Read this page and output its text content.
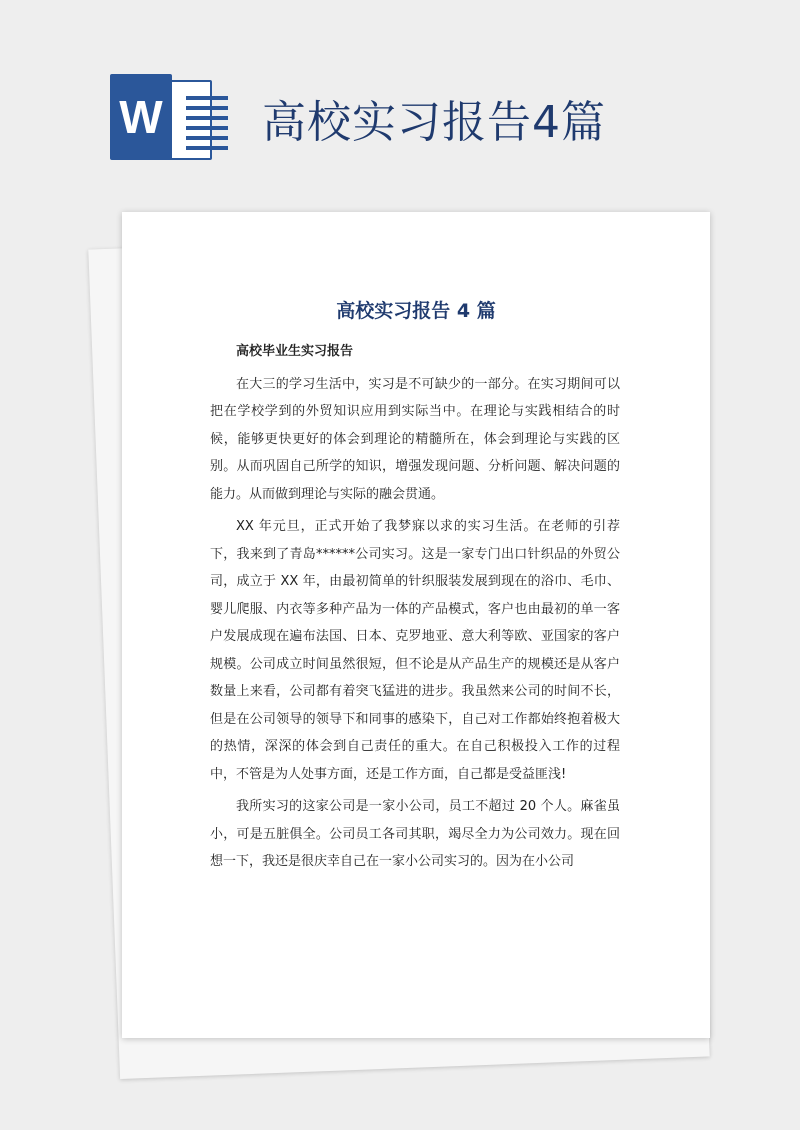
W 高校实习报告4篇
高校实习报告 4 篇

高校毕业生实习报告

在大三的学习生活中，实习是不可缺少的一部分。在实习期间可以把在学校学到的外贸知识应用到实际当中。在理论与实践相结合的时候，能够更快更好的体会到理论的精髓所在，体会到理论与实践的区别。从而巩固自己所学的知识，增强发现问题、分析问题、解决问题的能力。从而做到理论与实际的融会贯通。

XX 年元旦，正式开始了我梦寐以求的实习生活。在老师的引荐下，我来到了青岛******公司实习。这是一家专门出口针织品的外贸公司，成立于 XX 年，由最初简单的针织服装发展到现在的浴巾、毛巾、婴儿爬服、内衣等多种产品为一体的产品模式，客户也由最初的单一客户发展成现在遍布法国、日本、克罗地亚、意大利等欧、亚国家的客户规模。公司成立时间虽然很短，但不论是从产品生产的规模还是从客户数量上来看，公司都有着突飞猛进的进步。我虽然来公司的时间不长，但是在公司领导的领导下和同事的感染下，自己对工作都始终抱着极大的热情，深深的体会到自己责任的重大。在自己积极投入工作的过程中，不管是为人处事方面，还是工作方面，自己都是受益匪浅!

我所实习的这家公司是一家小公司，员工不超过 20 个人。麻雀虽小，可是五脏俱全。公司员工各司其职，竭尽全力为公司效力。现在回想一下，我还是很庆幸自己在一家小公司实习的。因为在小公司
